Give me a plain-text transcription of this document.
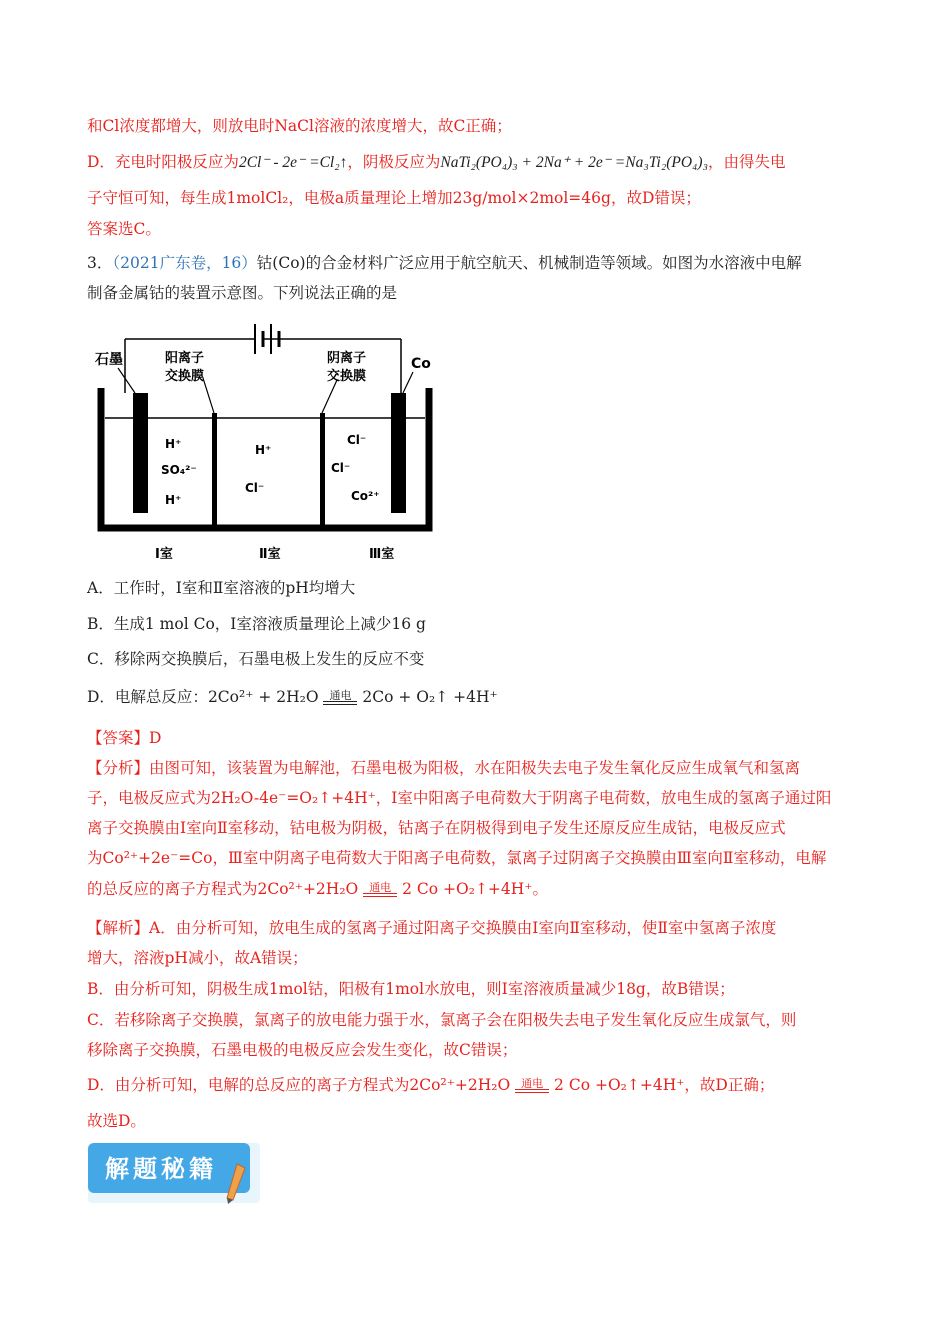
和Cl浓度都增大，则放电时NaCl溶液的浓度增大，故C正确；
D．充电时阳极反应为2Cl⁻ - 2e⁻ =Cl₂↑，阴极反应为NaTi₂(PO₄)₃ + 2Na⁺ + 2e⁻ =Na₃Ti₂(PO₄)₃，由得失电
子守恒可知，每生成1molCl₂，电极a质量理论上增加23g/mol×2mol=46g，故D错误；
答案选C。
3．（2021广东卷，16）钴(Co)的合金材料广泛应用于航空航天、机械制造等领域。如图为水溶液中电解
制备金属钴的装置示意图。下列说法正确的是
石墨	阳离子
交换膜
阴离子
交换膜
Co
H⁺
SO₄²⁻
H⁺
H⁺
Cl⁻
Cl⁻
Cl⁻
Co²⁺
Ⅰ室	Ⅱ室	Ⅲ室
A．工作时，Ⅰ室和Ⅱ室溶液的pH均增大
B．生成1 mol Co，Ⅰ室溶液质量理论上减少16 g
C．移除两交换膜后，石墨电极上发生的反应不变
D．电解总反应：2Co²⁺ + 2H₂O 通电 2Co + O₂↑ +4H⁺
【答案】D
【分析】由图可知，该装置为电解池，石墨电极为阳极，水在阳极失去电子发生氧化反应生成氧气和氢离
子，电极反应式为2H₂O-4e⁻=O₂↑+4H⁺，Ⅰ室中阳离子电荷数大于阴离子电荷数，放电生成的氢离子通过阳
离子交换膜由Ⅰ室向Ⅱ室移动，钴电极为阴极，钴离子在阴极得到电子发生还原反应生成钴，电极反应式
为Co²⁺+2e⁻=Co，Ⅲ室中阴离子电荷数大于阳离子电荷数，氯离子过阴离子交换膜由Ⅲ室向Ⅱ室移动，电解
的总反应的离子方程式为2Co²⁺+2H₂O 通电 2 Co +O₂↑+4H⁺。
【解析】A．由分析可知，放电生成的氢离子通过阳离子交换膜由Ⅰ室向Ⅱ室移动，使Ⅱ室中氢离子浓度
增大，溶液pH减小，故A错误；
B．由分析可知，阴极生成1mol钴，阳极有1mol水放电，则Ⅰ室溶液质量减少18g，故B错误；
C．若移除离子交换膜，氯离子的放电能力强于水，氯离子会在阳极失去电子发生氧化反应生成氯气，则
移除离子交换膜，石墨电极的电极反应会发生变化，故C错误；
D．由分析可知，电解的总反应的离子方程式为2Co²⁺+2H₂O 通电 2 Co +O₂↑+4H⁺，故D正确；
故选D。
解题秘籍
